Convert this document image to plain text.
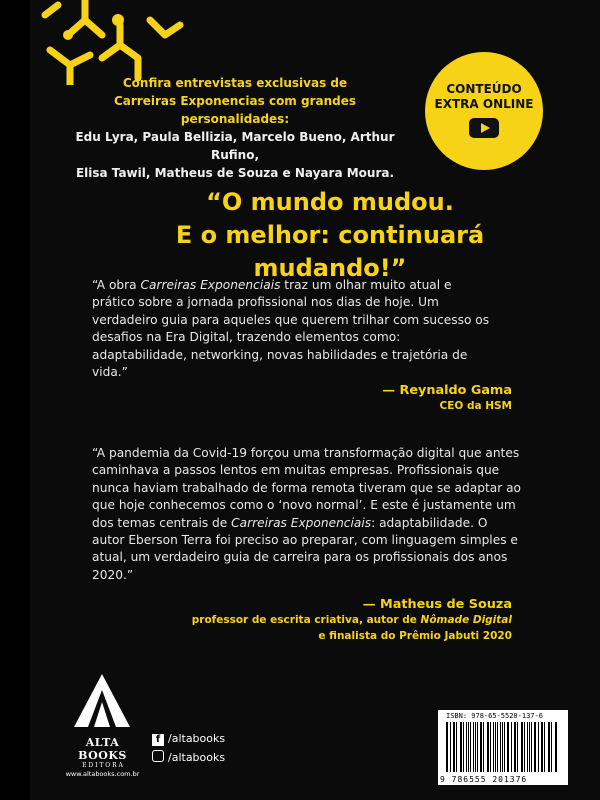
Confira entrevistas exclusivas de
Carreiras Exponencias com grandes personalidades:
Edu Lyra, Paula Bellizia, Marcelo Bueno, Arthur Rufino,
Elisa Tawil, Matheus de Souza e Nayara Moura.
CONTEÚDO
EXTRA ONLINE
“O mundo mudou.
E o melhor: continuará mudando!”
“A obra Carreiras Exponenciais traz um olhar muito atual e prático sobre a jornada profissional nos dias de hoje. Um verdadeiro guia para aqueles que querem trilhar com sucesso os desafios na Era Digital, trazendo elementos como: adaptabilidade, networking, novas habilidades e trajetória de vida.”
— Reynaldo Gama
CEO da HSM
“A pandemia da Covid-19 forçou uma transformação digital que antes caminhava a passos lentos em muitas empresas. Profissionais que nunca haviam trabalhado de forma remota tiveram que se adaptar ao que hoje conhecemos como o ‘novo normal’. E este é justamente um dos temas centrais de Carreiras Exponenciais: adaptabilidade. O autor Eberson Terra foi preciso ao preparar, com linguagem simples e atual, um verdadeiro guia de carreira para os profissionais dos anos 2020.”
— Matheus de Souza
professor de escrita criativa, autor de Nômade Digital
e finalista do Prêmio Jabuti 2020
ALTA BOOKS
E D I T O R A
www.altabooks.com.br
f /altabooks
/altabooks
ISBN: 978-65-5520-137-6
9 786555 201376
